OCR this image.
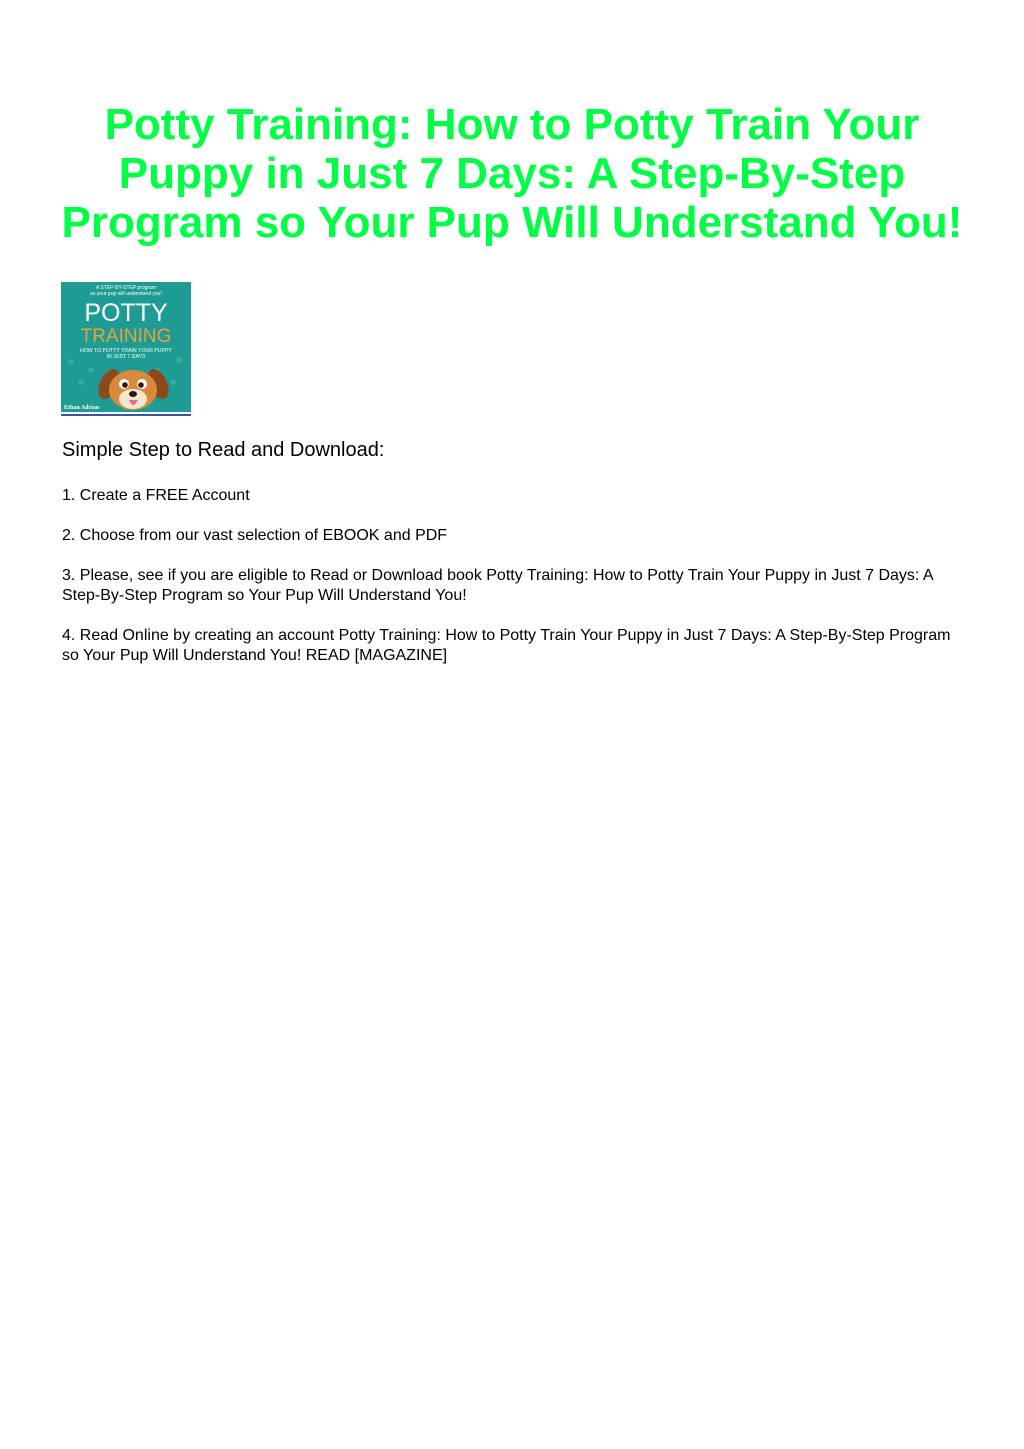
Potty Training: How to Potty Train Your
Puppy in Just 7 Days: A Step-By-Step
Program so Your Pup Will Understand You!
A STEP-BY-STEP program
so your pup will understand you!
POTTY
TRAINING
HOW TO POTTY TRAIN YOUR PUPPY
IN JUST 7 DAYS
Ethan Adrian
Simple Step to Read and Download:
1. Create a FREE Account
2. Choose from our vast selection of EBOOK and PDF
3. Please, see if you are eligible to Read or Download book Potty Training: How to Potty Train Your Puppy in Just 7 Days: A Step-By-Step Program so Your Pup Will Understand You!
4. Read Online by creating an account Potty Training: How to Potty Train Your Puppy in Just 7 Days: A Step-By-Step Program so Your Pup Will Understand You! READ [MAGAZINE]
